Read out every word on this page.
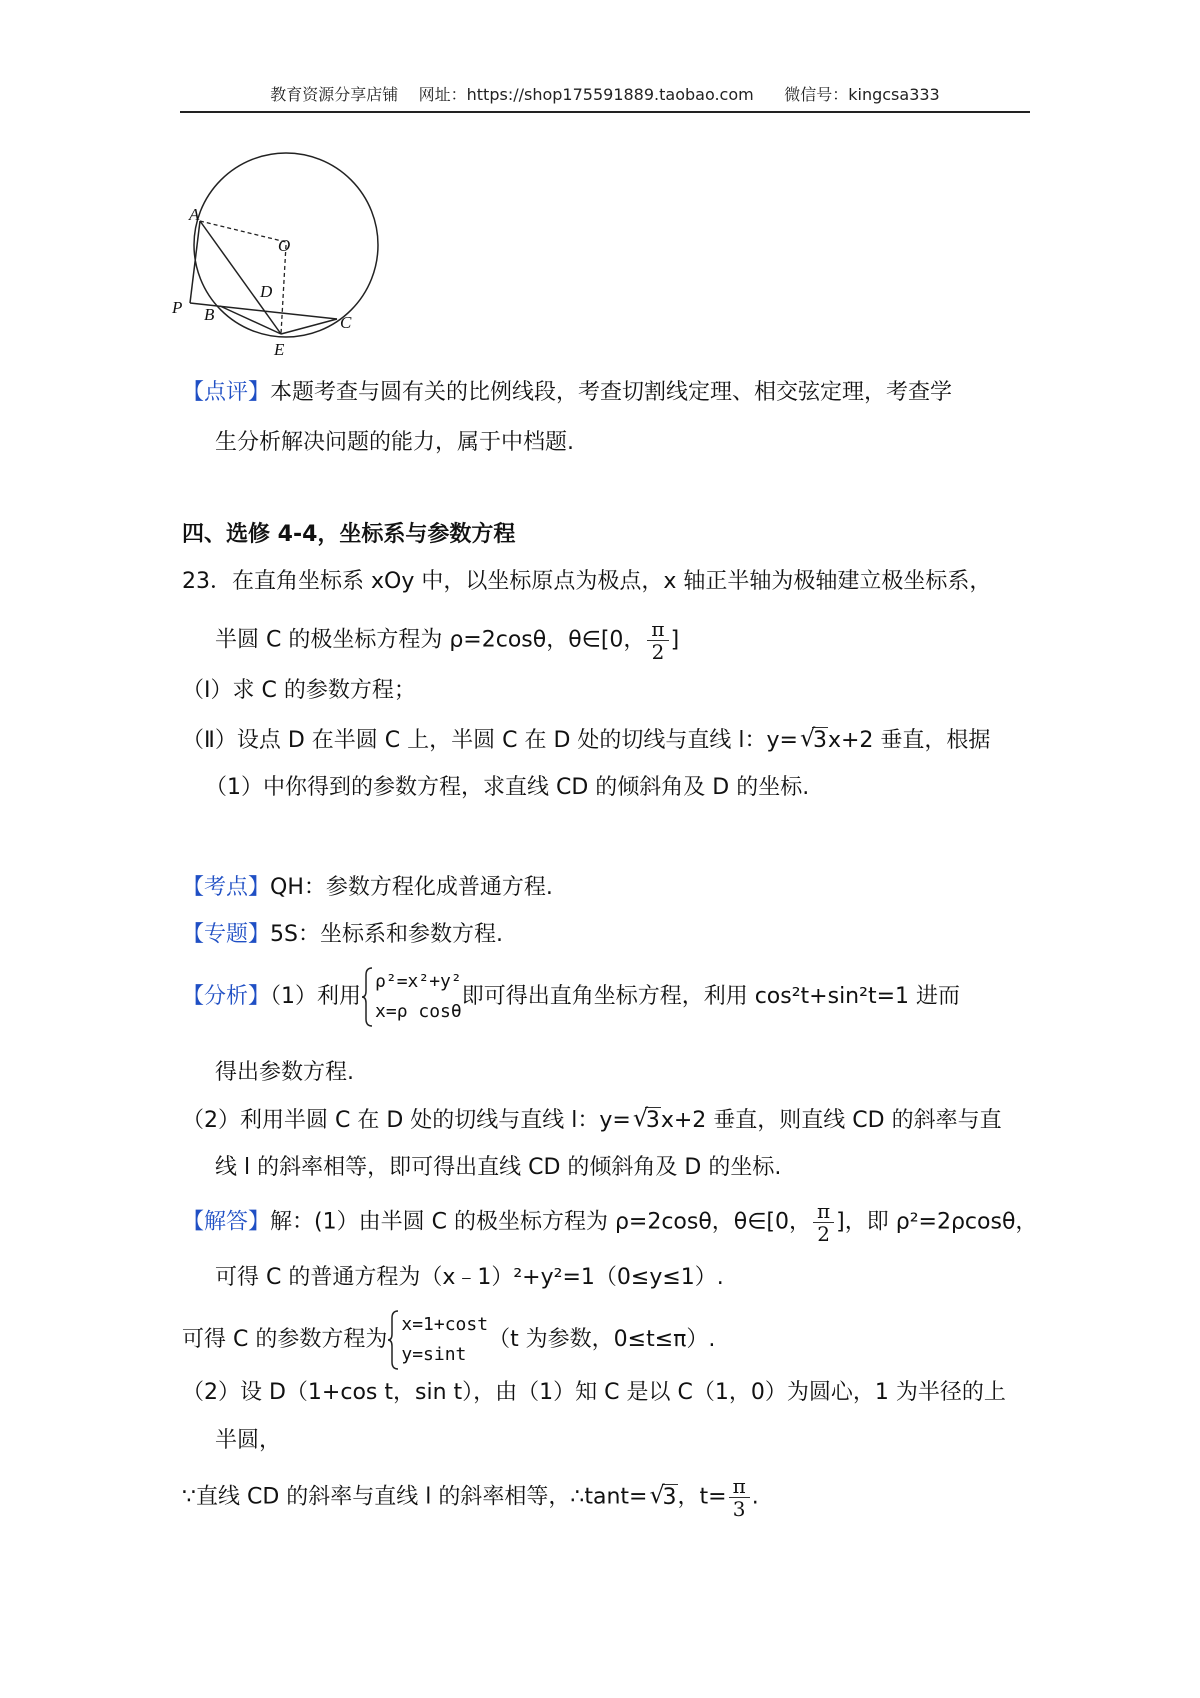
教育资源分享店铺 网址：https://shop175591889.taobao.com 微信号：kingcsa333
A
O
D
P B	C
E
【点评】本题考查与圆有关的比例线段，考查切割线定理、相交弦定理，考查学
生分析解决问题的能力，属于中档题.
四、选修 4-4，坐标系与参数方程
23．在直角坐标系 xOy 中，以坐标原点为极点，x 轴正半轴为极轴建立极坐标系，
半圆 C 的极坐标方程为 ρ=2cosθ，θ∈[0， $\frac{\pi}{2}$ ]
（Ⅰ）求 C 的参数方程；
（Ⅱ）设点 D 在半圆 C 上，半圆 C 在 D 处的切线与直线 l：y= √
3x+2 垂直，根据
（1）中你得到的参数方程，求直线 CD 的倾斜角及 D 的坐标.
【考点】QH：参数方程化成普通方程.
【专题】5S：坐标系和参数方程.
【分析】（1）利用
ρ²=x²+y²
x=ρ cosθ
即可得出直角坐标方程，利用 cos²t+sin²t=1 进而
得出参数方程.
（2）利用半圆 C 在 D 处的切线与直线 l：y= √
3x+2 垂直，则直线 CD 的斜率与直
线 l 的斜率相等，即可得出直线 CD 的倾斜角及 D 的坐标.
【解答】解：(1）由半圆 C 的极坐标方程为 ρ=2cosθ，θ∈[0， $\frac{\pi}{2}$ ]，即 ρ²=2ρcosθ，
可得 C 的普通方程为（x﹣1）²+y²=1（0≤y≤1）.
可得 C 的参数方程为
x=1+cost
y=sint
（t 为参数，0≤t≤π）.
（2）设 D（1+cos t，sin t），由（1）知 C 是以 C（1，0）为圆心，1 为半径的上
半圆，
∵直线 CD 的斜率与直线 l 的斜率相等，∴tant= √
3，$t= \frac{\pi}{3}$ .
